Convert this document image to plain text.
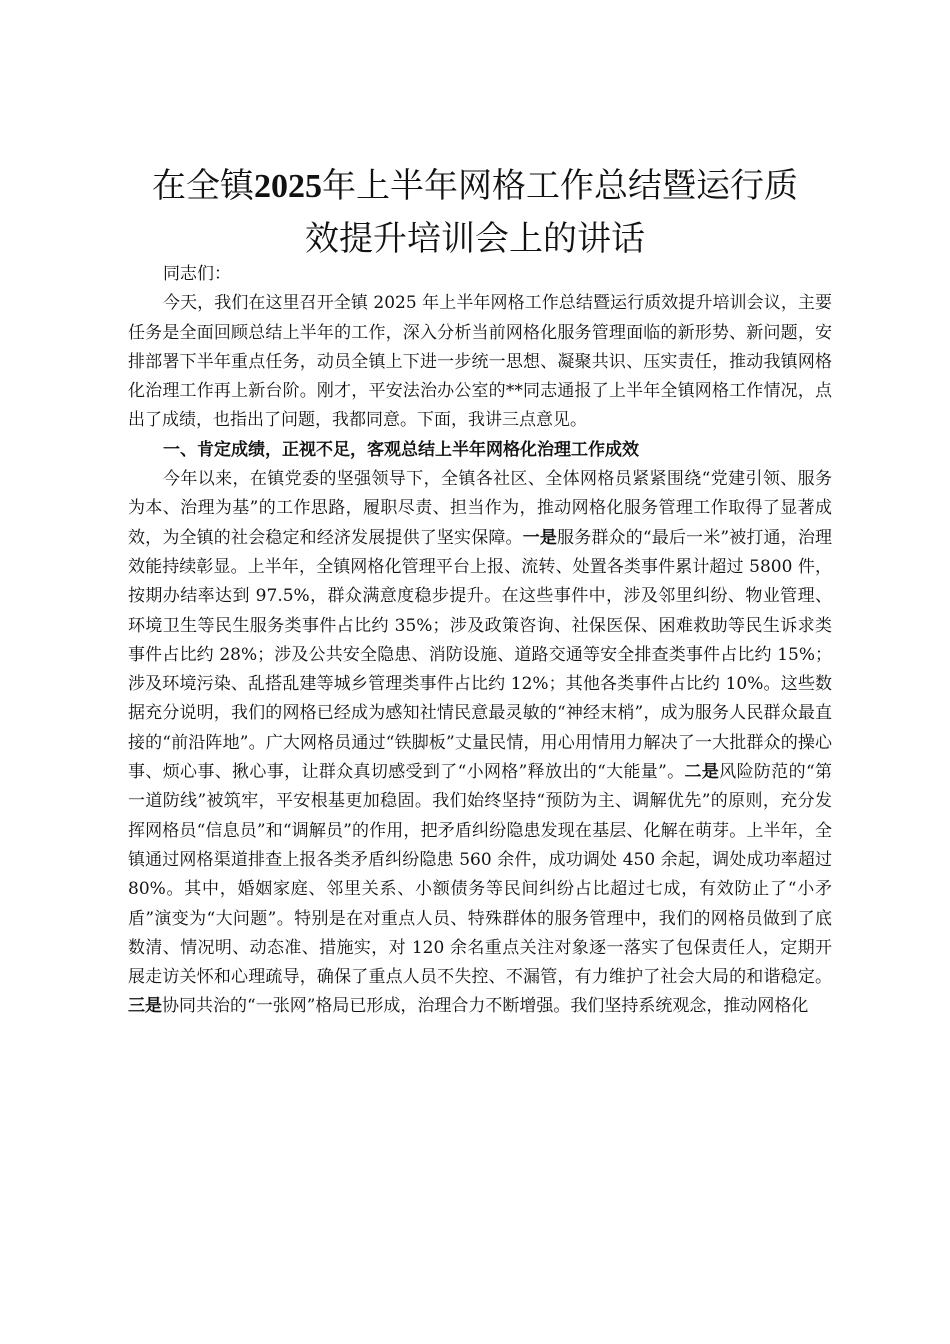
在全镇2025年上半年网格工作总结暨运行质
效提升培训会上的讲话

同志们：

今天，我们在这里召开全镇 2025 年上半年网格工作总结暨运行质效提升培训会议，主要任务是全面回顾总结上半年的工作，深入分析当前网格化服务管理面临的新形势、新问题，安排部署下半年重点任务，动员全镇上下进一步统一思想、凝聚共识、压实责任，推动我镇网格化治理工作再上新台阶。刚才，平安法治办公室的**同志通报了上半年全镇网格工作情况，点出了成绩，也指出了问题，我都同意。下面，我讲三点意见。

一、肯定成绩，正视不足，客观总结上半年网格化治理工作成效

今年以来，在镇党委的坚强领导下，全镇各社区、全体网格员紧紧围绕“党建引领、服务为本、治理为基”的工作思路，履职尽责、担当作为，推动网格化服务管理工作取得了显著成效，为全镇的社会稳定和经济发展提供了坚实保障。一是服务群众的“最后一米”被打通，治理效能持续彰显。上半年，全镇网格化管理平台上报、流转、处置各类事件累计超过 5800 件，按期办结率达到 97.5%，群众满意度稳步提升。在这些事件中，涉及邻里纠纷、物业管理、环境卫生等民生服务类事件占比约 35%；涉及政策咨询、社保医保、困难救助等民生诉求类事件占比约 28%；涉及公共安全隐患、消防设施、道路交通等安全排查类事件占比约 15%；涉及环境污染、乱搭乱建等城乡管理类事件占比约 12%；其他各类事件占比约 10%。这些数据充分说明，我们的网格已经成为感知社情民意最灵敏的“神经末梢”，成为服务人民群众最直接的“前沿阵地”。广大网格员通过“铁脚板”丈量民情，用心用情用力解决了一大批群众的操心事、烦心事、揪心事，让群众真切感受到了“小网格”释放出的“大能量”。二是风险防范的“第一道防线”被筑牢，平安根基更加稳固。我们始终坚持“预防为主、调解优先”的原则，充分发挥网格员“信息员”和“调解员”的作用，把矛盾纠纷隐患发现在基层、化解在萌芽。上半年，全镇通过网格渠道排查上报各类矛盾纠纷隐患 560 余件，成功调处 450 余起，调处成功率超过 80%。其中，婚姻家庭、邻里关系、小额债务等民间纠纷占比超过七成，有效防止了“小矛盾”演变为“大问题”。特别是在对重点人员、特殊群体的服务管理中，我们的网格员做到了底数清、情况明、动态准、措施实，对 120 余名重点关注对象逐一落实了包保责任人，定期开展走访关怀和心理疏导，确保了重点人员不失控、不漏管，有力维护了社会大局的和谐稳定。三是协同共治的“一张网”格局已形成，治理合力不断增强。我们坚持系统观念，推动网格化
